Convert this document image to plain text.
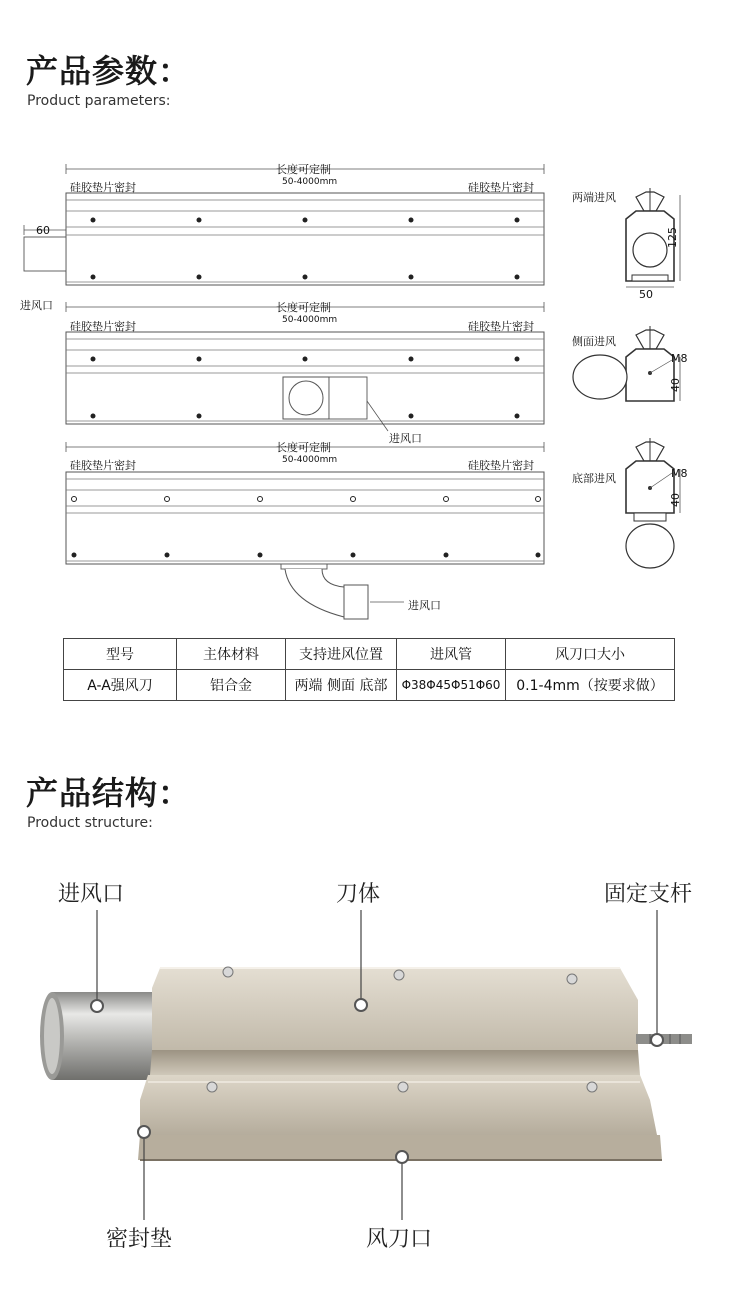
产品参数：
Product parameters:
长度可定制
50-4000mm
硅胶垫片密封	硅胶垫片密封
60
进风口
两端进风
125
50
长度可定制
50-4000mm
硅胶垫片密封	硅胶垫片密封
进风口
侧面进风
M8
40
长度可定制
50-4000mm
硅胶垫片密封	硅胶垫片密封
进风口
底部进风	M8
40
型号	主体材料	支持进风位置	进风管	风刀口大小
A-A强风刀	铝合金	两端 侧面 底部	Φ38Φ45Φ51Φ60	0.1-4mm（按要求做）
产品结构：
Product structure:
进风口	刀体	固定支杆
密封垫	风刀口
